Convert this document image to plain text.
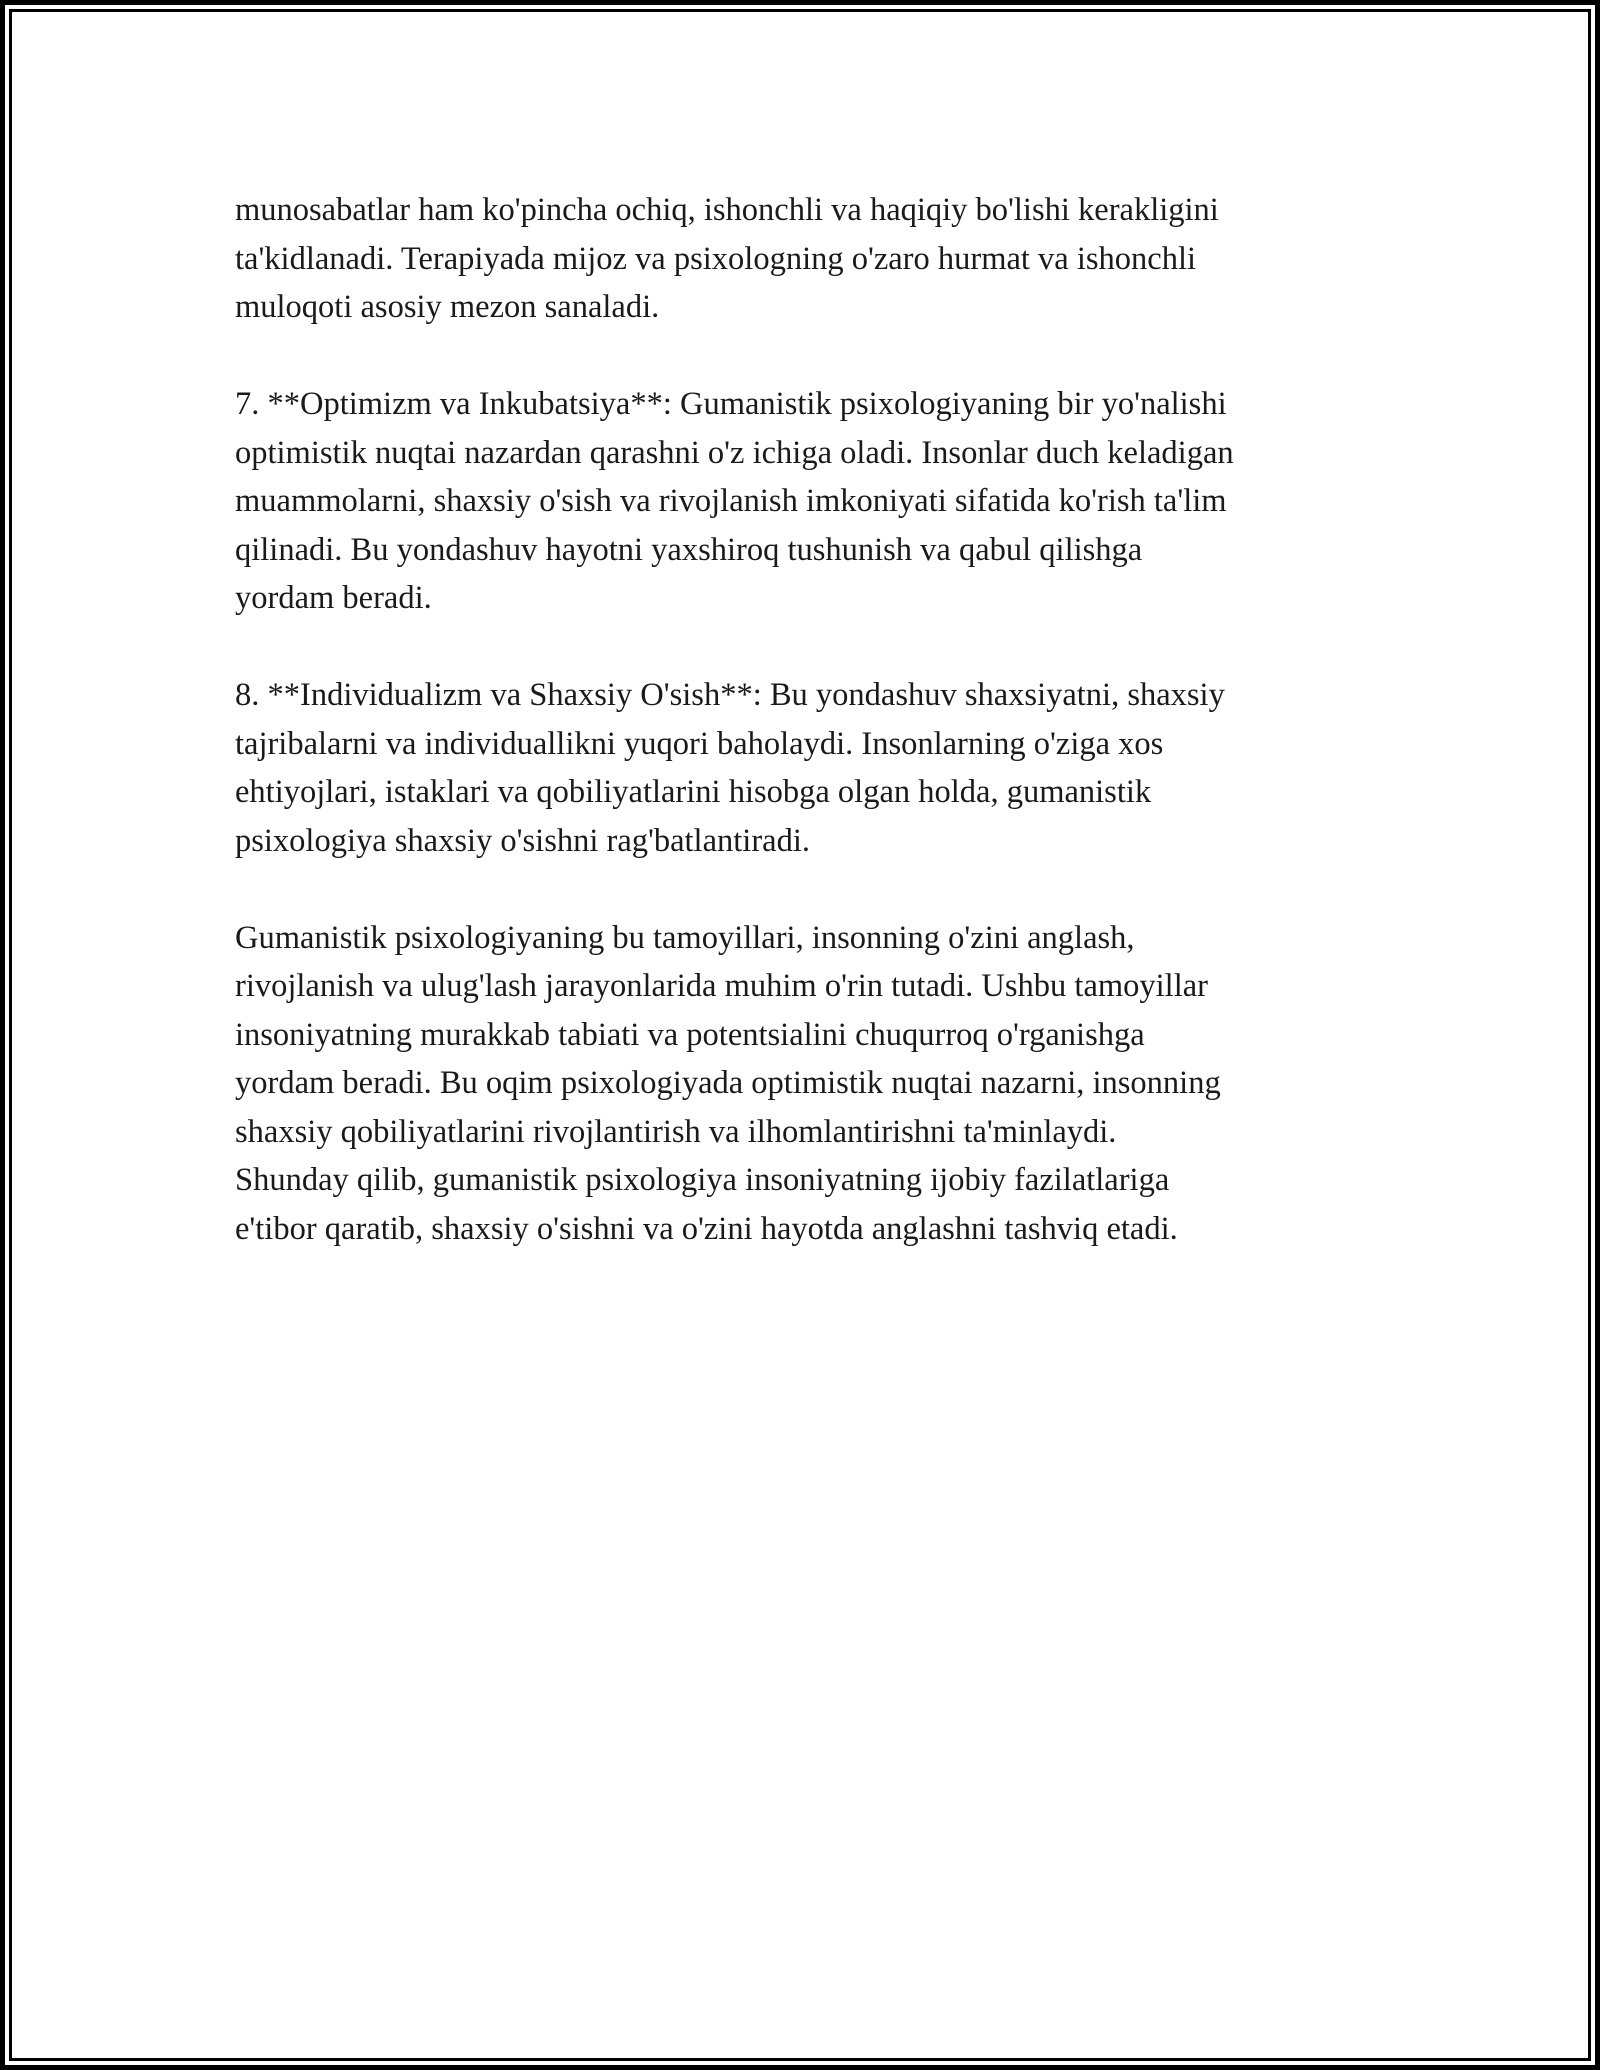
munosabatlar ham ko'pincha ochiq, ishonchli va haqiqiy bo'lishi kerakligini
ta'kidlanadi. Terapiyada mijoz va psixologning o'zaro hurmat va ishonchli
muloqoti asosiy mezon sanaladi.

7. **Optimizm va Inkubatsiya**: Gumanistik psixologiyaning bir yo'nalishi
optimistik nuqtai nazardan qarashni o'z ichiga oladi. Insonlar duch keladigan
muammolarni, shaxsiy o'sish va rivojlanish imkoniyati sifatida ko'rish ta'lim
qilinadi. Bu yondashuv hayotni yaxshiroq tushunish va qabul qilishga
yordam beradi.

8. **Individualizm va Shaxsiy O'sish**: Bu yondashuv shaxsiyatni, shaxsiy
tajribalarni va individuallikni yuqori baholaydi. Insonlarning o'ziga xos
ehtiyojlari, istaklari va qobiliyatlarini hisobga olgan holda, gumanistik
psixologiya shaxsiy o'sishni rag'batlantiradi.

Gumanistik psixologiyaning bu tamoyillari, insonning o'zini anglash,
rivojlanish va ulug'lash jarayonlarida muhim o'rin tutadi. Ushbu tamoyillar
insoniyatning murakkab tabiati va potentsialini chuqurroq o'rganishga
yordam beradi. Bu oqim psixologiyada optimistik nuqtai nazarni, insonning
shaxsiy qobiliyatlarini rivojlantirish va ilhomlantirishni ta'minlaydi.
Shunday qilib, gumanistik psixologiya insoniyatning ijobiy fazilatlariga
e'tibor qaratib, shaxsiy o'sishni va o'zini hayotda anglashni tashviq etadi.
